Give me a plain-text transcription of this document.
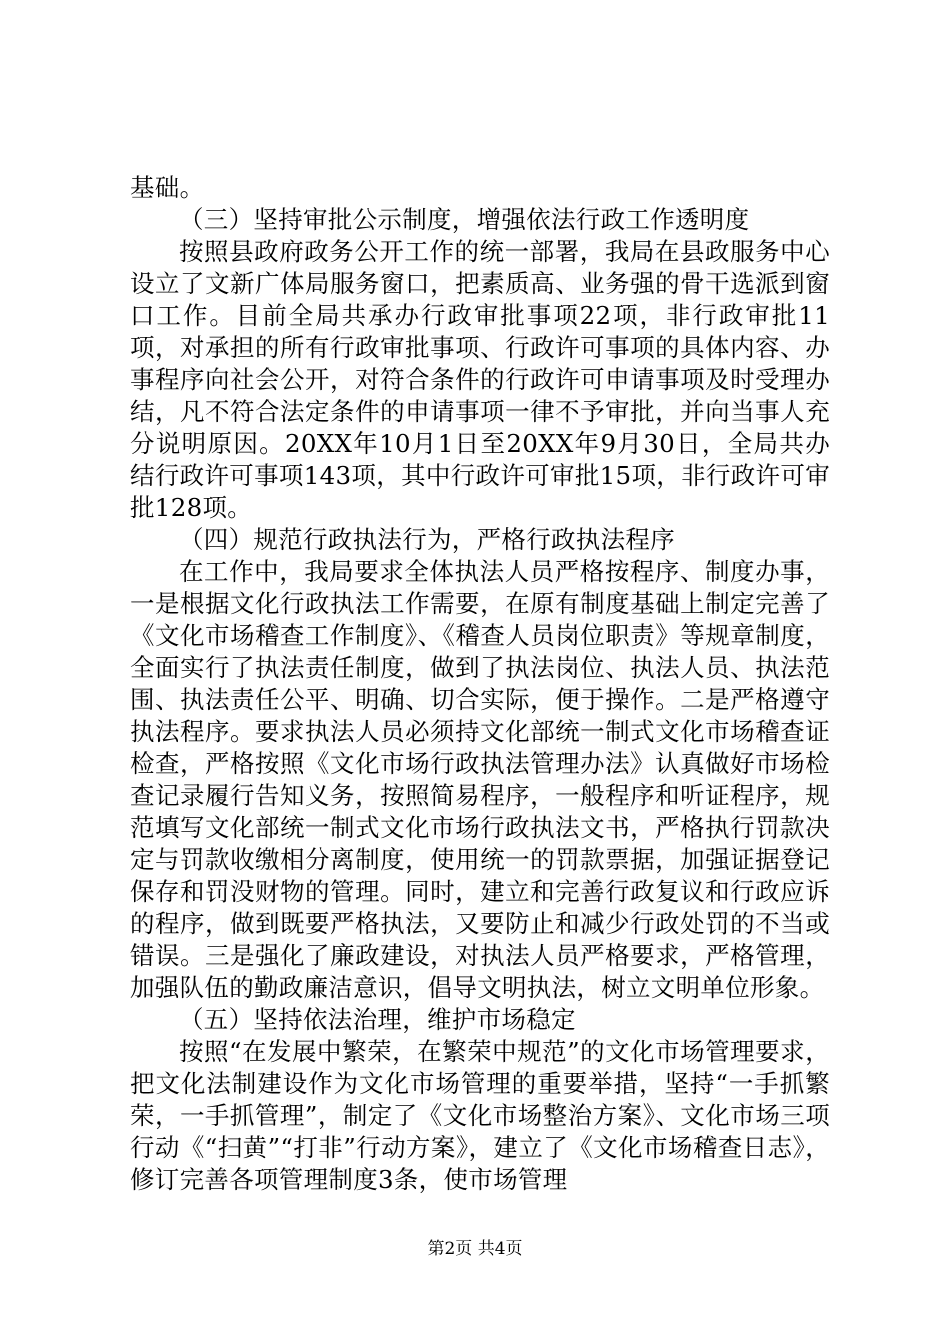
基础。

（三）坚持审批公示制度，增强依法行政工作透明度

按照县政府政务公开工作的统一部署，我局在县政服务中心设立了文新广体局服务窗口，把素质高、业务强的骨干选派到窗口工作。目前全局共承办行政审批事项22项，非行政审批11项，对承担的所有行政审批事项、行政许可事项的具体内容、办事程序向社会公开，对符合条件的行政许可申请事项及时受理办结，凡不符合法定条件的申请事项一律不予审批，并向当事人充分说明原因。20XX年10月1日至20XX年9月30日，全局共办结行政许可事项143项，其中行政许可审批15项，非行政许可审批128项。

（四）规范行政执法行为，严格行政执法程序

在工作中，我局要求全体执法人员严格按程序、制度办事，一是根据文化行政执法工作需要，在原有制度基础上制定完善了《文化市场稽查工作制度》、《稽查人员岗位职责》等规章制度，全面实行了执法责任制度，做到了执法岗位、执法人员、执法范围、执法责任公平、明确、切合实际，便于操作。二是严格遵守执法程序。要求执法人员必须持文化部统一制式文化市场稽查证检查，严格按照《文化市场行政执法管理办法》认真做好市场检查记录履行告知义务，按照简易程序，一般程序和听证程序，规范填写文化部统一制式文化市场行政执法文书，严格执行罚款决定与罚款收缴相分离制度，使用统一的罚款票据，加强证据登记保存和罚没财物的管理。同时，建立和完善行政复议和行政应诉的程序，做到既要严格执法，又要防止和减少行政处罚的不当或错误。三是强化了廉政建设，对执法人员严格要求，严格管理，加强队伍的勤政廉洁意识，倡导文明执法，树立文明单位形象。

（五）坚持依法治理，维护市场稳定

按照“在发展中繁荣，在繁荣中规范”的文化市场管理要求，把文化法制建设作为文化市场管理的重要举措，坚持“一手抓繁荣，一手抓管理”，制定了《文化市场整治方案》、文化市场三项行动《“扫黄”“打非”行动方案》，建立了《文化市场稽查日志》，修订完善各项管理制度3条，使市场管理

第2页 共4页
